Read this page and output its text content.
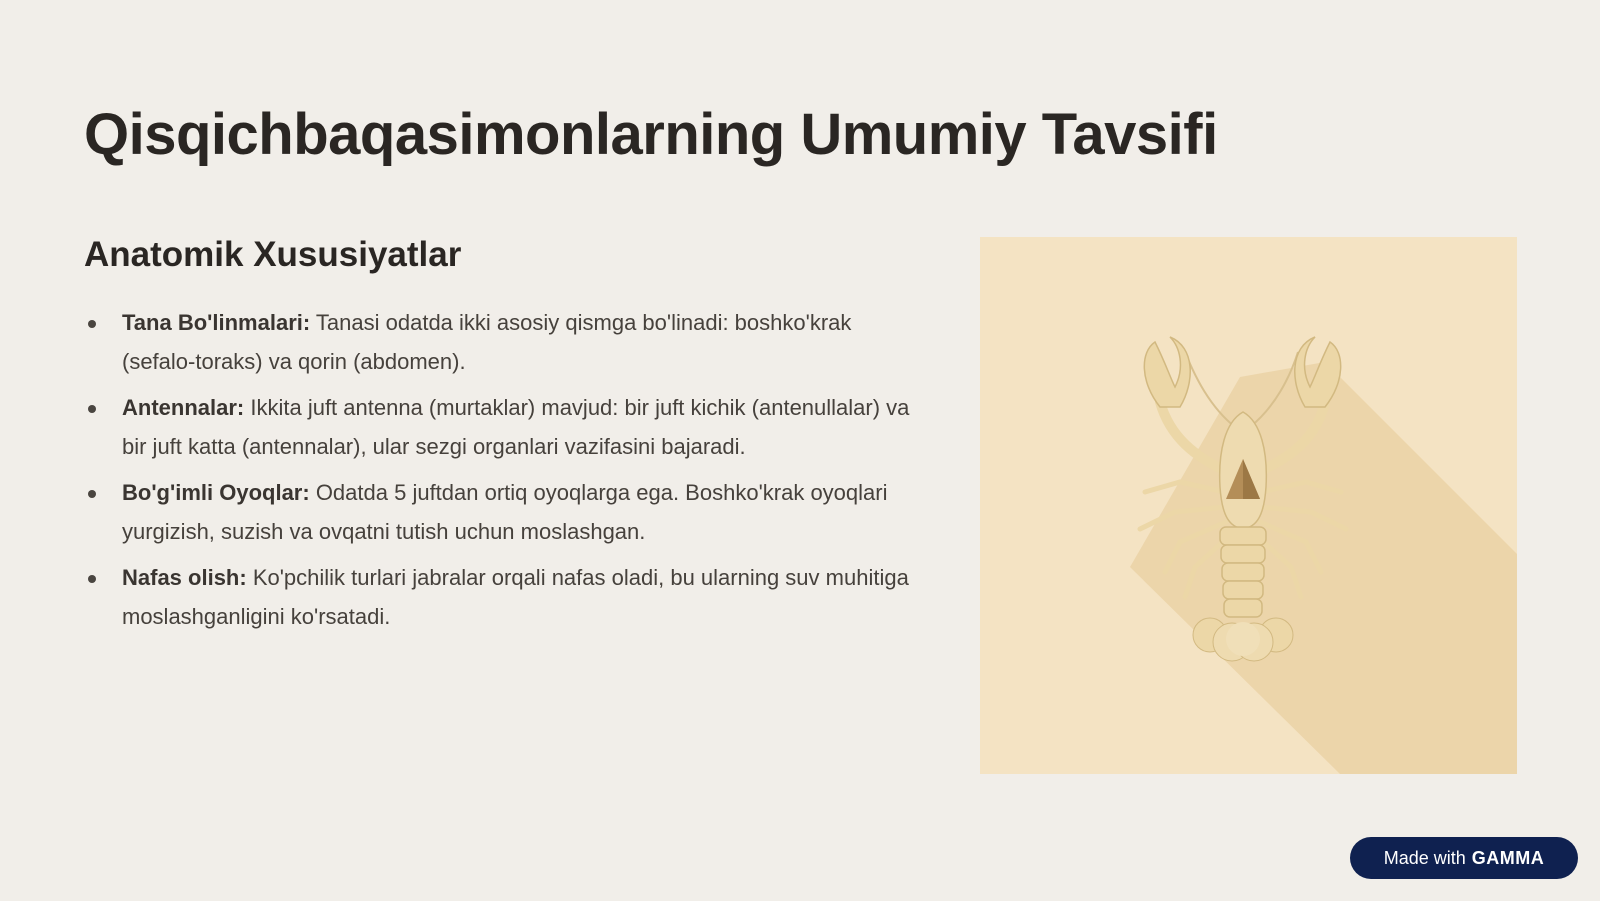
Qisqichbaqasimonlarning Umumiy Tavsifi
Anatomik Xususiyatlar
Tana Bo'linmalari: Tanasi odatda ikki asosiy qismga bo'linadi: boshko'krak (sefalo-toraks) va qorin (abdomen).
Antennalar: Ikkita juft antenna (murtaklar) mavjud: bir juft kichik (antenullalar) va bir juft katta (antennalar), ular sezgi organlari vazifasini bajaradi.
Bo'g'imli Oyoqlar: Odatda 5 juftdan ortiq oyoqlarga ega. Boshko'krak oyoqlari yurgizish, suzish va ovqatni tutish uchun moslashgan.
Nafas olish: Ko'pchilik turlari jabralar orqali nafas oladi, bu ularning suv muhitiga moslashganligini ko'rsatadi.
Made with GAMMA
